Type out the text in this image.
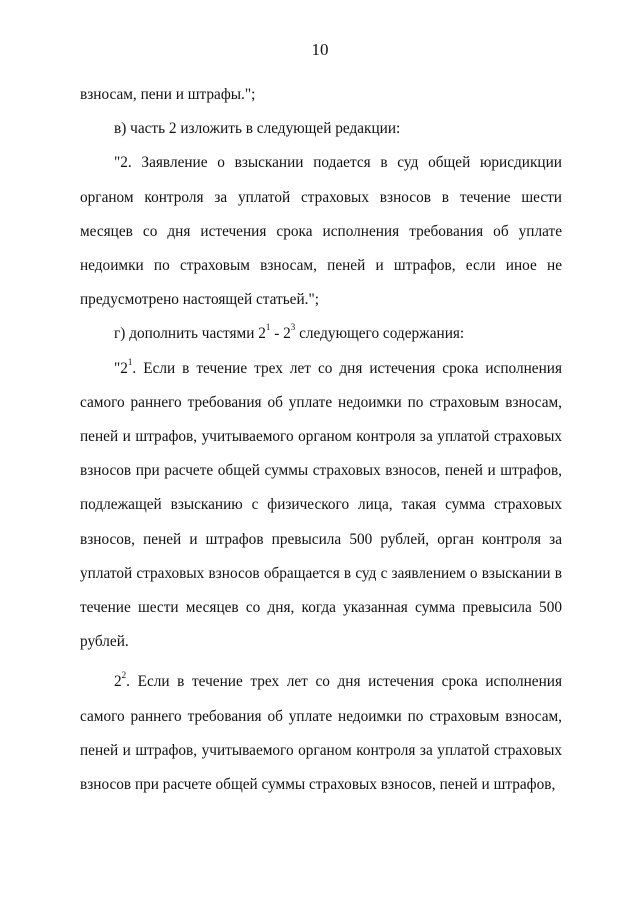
10

взносам, пени и штрафы.";

в) часть 2 изложить в следующей редакции:

"2. Заявление о взыскании подается в суд общей юрисдикции органом контроля за уплатой страховых взносов в течение шести месяцев со дня истечения срока исполнения требования об уплате недоимки по страховым взносам, пеней и штрафов, если иное не предусмотрено настоящей статьей.";

г) дополнить частями $2^1 - 2^3$ следующего содержания:

"$2^1$. Если в течение трех лет со дня истечения срока исполнения самого раннего требования об уплате недоимки по страховым взносам, пеней и штрафов, учитываемого органом контроля за уплатой страховых взносов при расчете общей суммы страховых взносов, пеней и штрафов, подлежащей взысканию с физического лица, такая сумма страховых взносов, пеней и штрафов превысила 500 рублей, орган контроля за уплатой страховых взносов обращается в суд с заявлением о взыскании в течение шести месяцев со дня, когда указанная сумма превысила 500 рублей.

$2^2$. Если в течение трех лет со дня истечения срока исполнения самого раннего требования об уплате недоимки по страховым взносам, пеней и штрафов, учитываемого органом контроля за уплатой страховых взносов при расчете общей суммы страховых взносов, пеней и штрафов,
